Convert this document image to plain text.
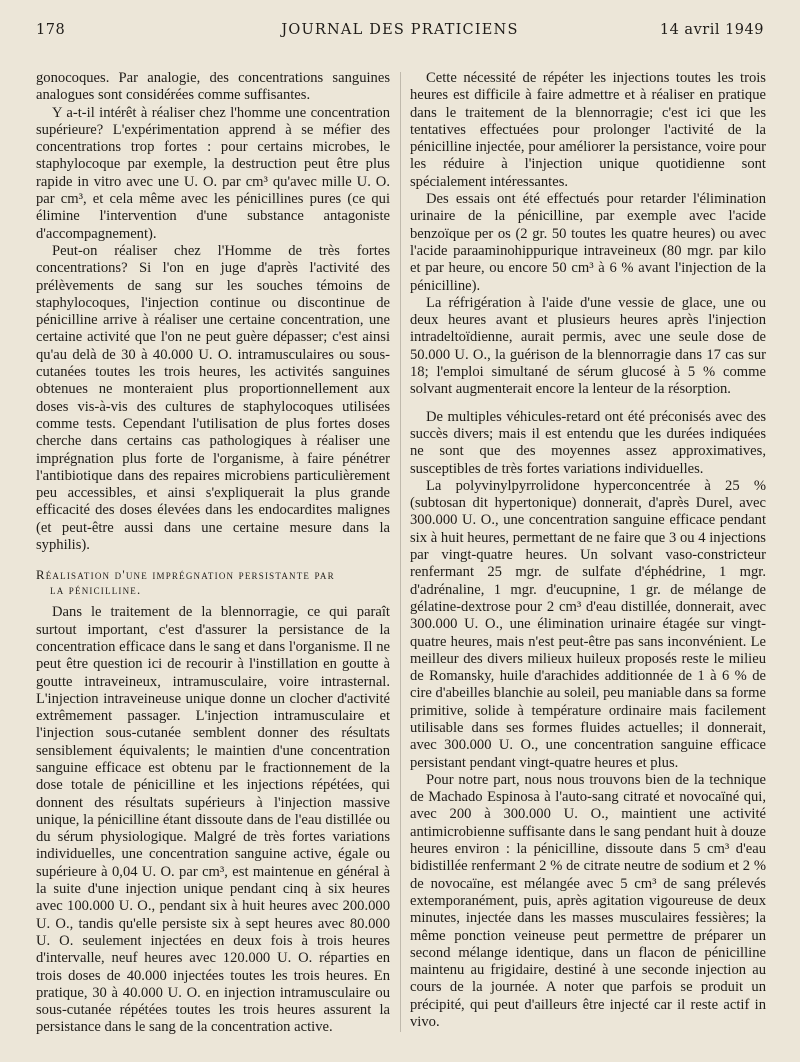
178	JOURNAL DES PRATICIENS	14 avril 1949

gonocoques. Par analogie, des concentrations sanguines analogues sont considérées comme suffisantes.

Y a-t-il intérêt à réaliser chez l'homme une concentration supérieure? L'expérimentation apprend à se méfier des concentrations trop fortes : pour certains microbes, le staphylocoque par exemple, la destruction peut être plus rapide in vitro avec une U. O. par cm³ qu'avec mille U. O. par cm³, et cela même avec les pénicillines pures (ce qui élimine l'intervention d'une substance antagoniste d'accompagnement).

Peut-on réaliser chez l'Homme de très fortes concentrations? Si l'on en juge d'après l'activité des prélèvements de sang sur les souches témoins de staphylocoques, l'injection continue ou discontinue de pénicilline arrive à réaliser une certaine concentration, une certaine activité que l'on ne peut guère dépasser; c'est ainsi qu'au delà de 30 à 40.000 U. O. intramusculaires ou sous-cutanées toutes les trois heures, les activités sanguines obtenues ne monteraient plus proportionnellement aux doses vis-à-vis des cultures de staphylocoques utilisées comme tests. Cependant l'utilisation de plus fortes doses cherche dans certains cas pathologiques à réaliser une imprégnation plus forte de l'organisme, à faire pénétrer l'antibiotique dans des repaires microbiens particulièrement peu accessibles, et ainsi s'expliquerait la plus grande efficacité des doses élevées dans les endocardites malignes (et peut-être aussi dans une certaine mesure dans la syphilis).

Réalisation d'une imprégnation persistante par
la pénicilline.

Dans le traitement de la blennorragie, ce qui paraît surtout important, c'est d'assurer la persistance de la concentration efficace dans le sang et dans l'organisme. Il ne peut être question ici de recourir à l'instillation en goutte à goutte intraveineux, intramusculaire, voire intrasternal. L'injection intraveineuse unique donne un clocher d'activité extrêmement passager. L'injection intramusculaire et l'injection sous-cutanée semblent donner des résultats sensiblement équivalents; le maintien d'une concentration sanguine efficace est obtenu par le fractionnement de la dose totale de pénicilline et les injections répétées, qui donnent des résultats supérieurs à l'injection massive unique, la pénicilline étant dissoute dans de l'eau distillée ou du sérum physiologique. Malgré de très fortes variations individuelles, une concentration sanguine active, égale ou supérieure à 0,04 U. O. par cm³, est maintenue en général à la suite d'une injection unique pendant cinq à six heures avec 100.000 U. O., pendant six à huit heures avec 200.000 U. O., tandis qu'elle persiste six à sept heures avec 80.000 U. O. seulement injectées en deux fois à trois heures d'intervalle, neuf heures avec 120.000 U. O. réparties en trois doses de 40.000 injectées toutes les trois heures. En pratique, 30 à 40.000 U. O. en injection intramusculaire ou sous-cutanée répétées toutes les trois heures assurent la persistance dans le sang de la concentration active.

Cette nécessité de répéter les injections toutes les trois heures est difficile à faire admettre et à réaliser en pratique dans le traitement de la blennorragie; c'est ici que les tentatives effectuées pour prolonger l'activité de la pénicilline injectée, pour améliorer la persistance, voire pour les réduire à l'injection unique quotidienne sont spécialement intéressantes.

Des essais ont été effectués pour retarder l'élimination urinaire de la pénicilline, par exemple avec l'acide benzoïque per os (2 gr. 50 toutes les quatre heures) ou avec l'acide paraaminohippurique intraveineux (80 mgr. par kilo et par heure, ou encore 50 cm³ à 6 % avant l'injection de la pénicilline).

La réfrigération à l'aide d'une vessie de glace, une ou deux heures avant et plusieurs heures après l'injection intradeltoïdienne, aurait permis, avec une seule dose de 50.000 U. O., la guérison de la blennorragie dans 17 cas sur 18; l'emploi simultané de sérum glucosé à 5 % comme solvant augmenterait encore la lenteur de la résorption.

De multiples véhicules-retard ont été préconisés avec des succès divers; mais il est entendu que les durées indiquées ne sont que des moyennes assez approximatives, susceptibles de très fortes variations individuelles.

La polyvinylpyrrolidone hyperconcentrée à 25 % (subtosan dit hypertonique) donnerait, d'après Durel, avec 300.000 U. O., une concentration sanguine efficace pendant six à huit heures, permettant de ne faire que 3 ou 4 injections par vingt-quatre heures. Un solvant vaso-constricteur renfermant 25 mgr. de sulfate d'éphédrine, 1 mgr. d'adrénaline, 1 mgr. d'eucupnine, 1 gr. de mélange de gélatine-dextrose pour 2 cm³ d'eau distillée, donnerait, avec 300.000 U. O., une élimination urinaire étagée sur vingt-quatre heures, mais n'est peut-être pas sans inconvénient. Le meilleur des divers milieux huileux proposés reste le milieu de Romansky, huile d'arachides additionnée de 1 à 6 % de cire d'abeilles blanchie au soleil, peu maniable dans sa forme primitive, solide à température ordinaire mais facilement utilisable dans ses formes fluides actuelles; il donnerait, avec 300.000 U. O., une concentration sanguine efficace persistant pendant vingt-quatre heures et plus.

Pour notre part, nous nous trouvons bien de la technique de Machado Espinosa à l'auto-sang citraté et novocaïné qui, avec 200 à 300.000 U. O., maintient une activité antimicrobienne suffisante dans le sang pendant huit à douze heures environ : la pénicilline, dissoute dans 5 cm³ d'eau bidistillée renfermant 2 % de citrate neutre de sodium et 2 % de novocaïne, est mélangée avec 5 cm³ de sang prélevés extemporanément, puis, après agitation vigoureuse de deux minutes, injectée dans les masses musculaires fessières; la même ponction veineuse peut permettre de préparer un second mélange identique, dans un flacon de pénicilline maintenu au frigidaire, destiné à une seconde injection au cours de la journée. A noter que parfois se produit un précipité, qui peut d'ailleurs être injecté car il reste actif in vivo.
